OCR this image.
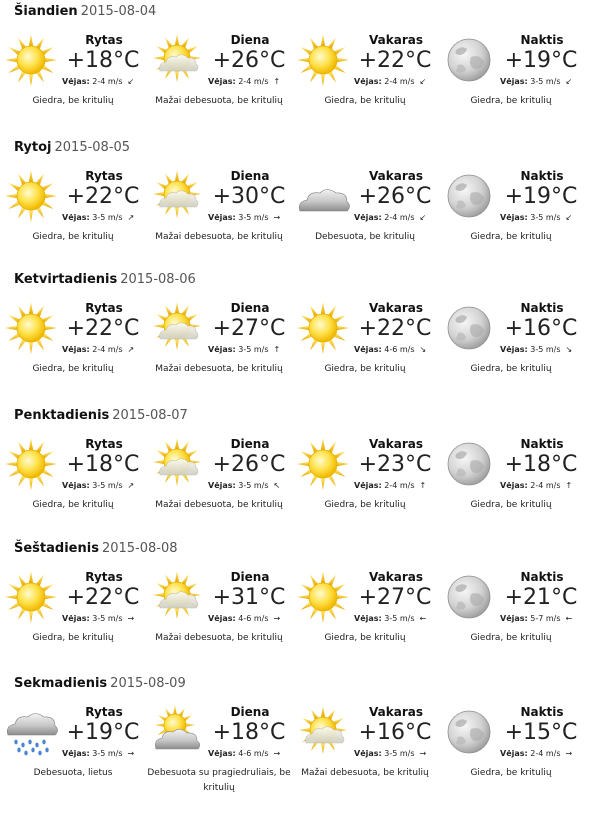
Šiandien 2015-08-04
Rytas
+18°C
Vėjas: 2-4 m/s ↙
Giedra, be kritulių
Diena
+26°C
Vėjas: 2-4 m/s ↑
Mažai debesuota, be kritulių
Vakaras
+22°C
Vėjas: 2-4 m/s ↙
Giedra, be kritulių
Naktis
+19°C
Vėjas: 3-5 m/s ↙
Giedra, be kritulių
Rytoj 2015-08-05
Rytas
+22°C
Vėjas: 3-5 m/s ↗
Giedra, be kritulių
Diena
+30°C
Vėjas: 3-5 m/s →
Mažai debesuota, be kritulių
Vakaras
+26°C
Vėjas: 2-4 m/s ↙
Debesuota, be kritulių
Naktis
+19°C
Vėjas: 3-5 m/s ↙
Giedra, be kritulių
Ketvirtadienis 2015-08-06
Rytas
+22°C
Vėjas: 2-4 m/s ↗
Giedra, be kritulių
Diena
+27°C
Vėjas: 3-5 m/s ↑
Mažai debesuota, be kritulių
Vakaras
+22°C
Vėjas: 4-6 m/s ↘
Giedra, be kritulių
Naktis
+16°C
Vėjas: 3-5 m/s ↘
Giedra, be kritulių
Penktadienis 2015-08-07
Rytas
+18°C
Vėjas: 3-5 m/s ↗
Giedra, be kritulių
Diena
+26°C
Vėjas: 3-5 m/s ↖
Mažai debesuota, be kritulių
Vakaras
+23°C
Vėjas: 2-4 m/s ↑
Giedra, be kritulių
Naktis
+18°C
Vėjas: 2-4 m/s ↑
Giedra, be kritulių
Šeštadienis 2015-08-08
Rytas
+22°C
Vėjas: 3-5 m/s →
Giedra, be kritulių
Diena
+31°C
Vėjas: 4-6 m/s →
Mažai debesuota, be kritulių
Vakaras
+27°C
Vėjas: 3-5 m/s ←
Giedra, be kritulių
Naktis
+21°C
Vėjas: 5-7 m/s ←
Giedra, be kritulių
Sekmadienis 2015-08-09
Rytas
+19°C
Vėjas: 3-5 m/s →
Debesuota, lietus
Diena
+18°C
Vėjas: 4-6 m/s →
Debesuota su pragiedruliais, be kritulių
Vakaras
+16°C
Vėjas: 3-5 m/s →
Mažai debesuota, be kritulių
Naktis
+15°C
Vėjas: 2-4 m/s →
Giedra, be kritulių
